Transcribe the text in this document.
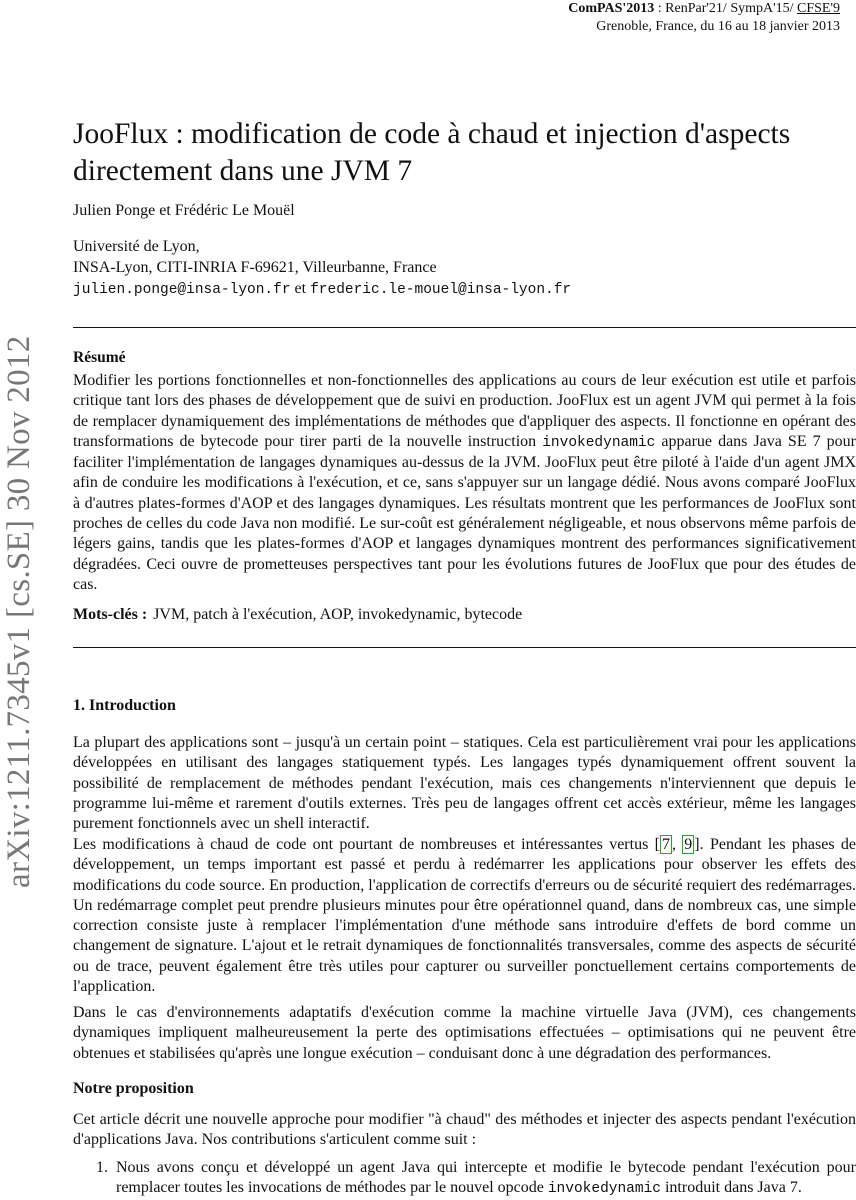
ComPAS'2013 : RenPar'21/ SympA'15/ CFSE'9
Grenoble, France, du 16 au 18 janvier 2013
arXiv:1211.7345v1 [cs.SE] 30 Nov 2012
JooFlux : modification de code à chaud et injection d'aspects directement dans une JVM 7
Julien Ponge et Frédéric Le Mouël
Université de Lyon,
INSA-Lyon, CITI-INRIA F-69621, Villeurbanne, France
julien.ponge@insa-lyon.fr et frederic.le-mouel@insa-lyon.fr
Résumé

Modifier les portions fonctionnelles et non-fonctionnelles des applications au cours de leur exécution est utile et parfois critique tant lors des phases de développement que de suivi en production. JooFlux est un agent JVM qui permet à la fois de remplacer dynamiquement des implémentations de méthodes que d'appliquer des aspects. Il fonctionne en opérant des transformations de bytecode pour tirer parti de la nouvelle instruction invokedynamic apparue dans Java SE 7 pour faciliter l'implémentation de langages dynamiques au-dessus de la JVM. JooFlux peut être piloté à l'aide d'un agent JMX afin de conduire les modifications à l'exécution, et ce, sans s'appuyer sur un langage dédié. Nous avons comparé JooFlux à d'autres plates-formes d'AOP et des langages dynamiques. Les résultats montrent que les performances de JooFlux sont proches de celles du code Java non modifié. Le sur-coût est généralement négligeable, et nous observons même parfois de légers gains, tandis que les plates-formes d'AOP et langages dynamiques montrent des performances significativement dégradées. Ceci ouvre de prometteuses perspectives tant pour les évolutions futures de JooFlux que pour des études de cas.

Mots-clés : JVM, patch à l'exécution, AOP, invokedynamic, bytecode
1. Introduction

La plupart des applications sont – jusqu'à un certain point – statiques. Cela est particulièrement vrai pour les applications développées en utilisant des langages statiquement typés. Les langages typés dynamiquement offrent souvent la possibilité de remplacement de méthodes pendant l'exécution, mais ces changements n'interviennent que depuis le programme lui-même et rarement d'outils externes. Très peu de langages offrent cet accès extérieur, même les langages purement fonctionnels avec un shell interactif.

Les modifications à chaud de code ont pourtant de nombreuses et intéressantes vertus [ 7 , 9 ]. Pendant les phases de développement, un temps important est passé et perdu à redémarrer les applications pour observer les effets des modifications du code source. En production, l'application de correctifs d'erreurs ou de sécurité requiert des redémarrages. Un redémarrage complet peut prendre plusieurs minutes pour être opérationnel quand, dans de nombreux cas, une simple correction consiste juste à remplacer l'implémentation d'une méthode sans introduire d'effets de bord comme un changement de signature. L'ajout et le retrait dynamiques de fonctionnalités transversales, comme des aspects de sécurité ou de trace, peuvent également être très utiles pour capturer ou surveiller ponctuellement certains comportements de l'application.

Dans le cas d'environnements adaptatifs d'exécution comme la machine virtuelle Java (JVM), ces changements dynamiques impliquent malheureusement la perte des optimisations effectuées – optimisations qui ne peuvent être obtenues et stabilisées qu'après une longue exécution – conduisant donc à une dégradation des performances.

Notre proposition

Cet article décrit une nouvelle approche pour modifier "à chaud" des méthodes et injecter des aspects pendant l'exécution d'applications Java. Nos contributions s'articulent comme suit :

1. Nous avons conçu et développé un agent Java qui intercepte et modifie le bytecode pendant l'exécution pour remplacer toutes les invocations de méthodes par le nouvel opcode invokedynamic introduit dans Java 7.
